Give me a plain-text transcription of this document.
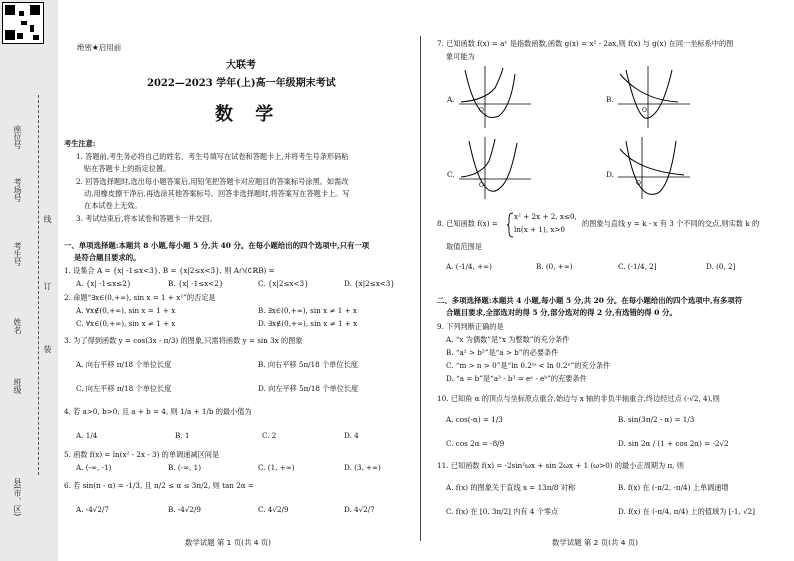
座位号
考场号
考生号
姓名
班级
县(市、区)
线
订
装
绝密★启用前
大联考
2022—2023 学年(上)高一年级期末考试
数 学
考生注意:
1. 答题前,考生务必将自己的姓名、考生号填写在试卷和答题卡上,并将考生号条形码粘
贴在答题卡上的指定位置。
2. 回答选择题时,选出每小题答案后,用铅笔把答题卡对应题目的答案标号涂黑。如需改
动,用橡皮擦干净后,再选涂其他答案标号。回答非选择题时,将答案写在答题卡上。写
在本试卷上无效。
3. 考试结束后,将本试卷和答题卡一并交回。
一、单项选择题:本题共 8 小题,每小题 5 分,共 40 分。在每小题给出的四个选项中,只有一项
是符合题目要求的。
1. 设集合 A = {x| -1≤x<3}, B = {x|2≤x<3}, 则 A∩(∁ℝB) =
A. {x| -1≤x≤2}	B. {x| -1≤x<2}	C. {x|2≤x<3}	D. {x|2≤x<3}
2. 命题“∃x∈(0,+∞), sin x = 1 + x²”的否定是
A. ∀x∉(0,+∞), sin x = 1 + x	B. ∃x∈(0,+∞), sin x ≠ 1 + x
C. ∀x∈(0,+∞), sin x ≠ 1 + x	D. ∃x∉(0,+∞), sin x ≠ 1 + x
3. 为了得到函数 y = cos(3x - π/3) 的图象,只需将函数 y = sin 3x 的图象
A. 向右平移 π/18 个单位长度	B. 向右平移 5π/18 个单位长度
C. 向左平移 π/18 个单位长度	D. 向左平移 5π/18 个单位长度
4. 若 a>0, b>0, 且 a + b = 4, 则 1/a + 1/b 的最小值为
A. 1/4	B. 1	C. 2	D. 4
5. 函数 f(x) = ln(x² - 2x - 3) 的单调递减区间是
A. (-∞, -1)	B. (-∞, 1)	C. (1, +∞)	D. (3, +∞)
6. 若 sin(π - α) = -1/3, 且 π/2 ≤ α ≤ 3π/2, 则 tan 2α =
A. -4√2/7	B. -4√2/9	C. 4√2/9	D. 4√2/7
数学试题 第 1 页(共 4 页)
7. 已知函数 f(x) = aˣ 是指数函数,函数 g(x) = x² - 2ax,则 f(x) 与 g(x) 在同一坐标系中的图
象可能为
A.
O
B.
O
C.
O
D.
O
8. 已知函数 f(x) =
x² + 2x + 2, x≤0,
ln(x + 1), x>0
的图象与直线 y = k - x 有 3 个不同的交点,则实数 k 的
取值范围是
A. (-1/4, +∞)	B. (0, +∞)	C. (-1/4, 2]	D. (0, 2]
二、多项选择题:本题共 4 小题,每小题 5 分,共 20 分。在每小题给出的四个选项中,有多项符
合题目要求,全部选对的得 5 分,部分选对的得 2 分,有选错的得 0 分。
9. 下列判断正确的是
A. “x 为偶数”是“x 为整数”的充分条件
B. “a² > b²”是“a > b”的必要条件
C. “m > n > 0”是“ln 0.2ᵐ < ln 0.2ⁿ”的充分条件
D. “a = b”是“a³ - b³ = eᵃ - eᵇ”的充要条件
10. 已知角 α 的顶点与坐标原点重合,始边与 x 轴的非负半轴重合,终边经过点 (-√2, 4),则
A. cos(-α) = 1/3	B. sin(3π/2 - α) = 1/3
C. cos 2α = -8/9	D. sin 2α / (1 + cos 2α) = -2√2
11. 已知函数 f(x) = -2sin²ωx + sin 2ωx + 1 (ω>0) 的最小正周期为 π, 则
A. f(x) 的图象关于直线 x = 13π/8 对称	B. f(x) 在 (-π/2, -π/4) 上单调递增
C. f(x) 在 [0, 3π/2] 内有 4 个零点	D. f(x) 在 (-π/4, π/4) 上的值域为 [-1, √2]
数学试题 第 2 页(共 4 页)
